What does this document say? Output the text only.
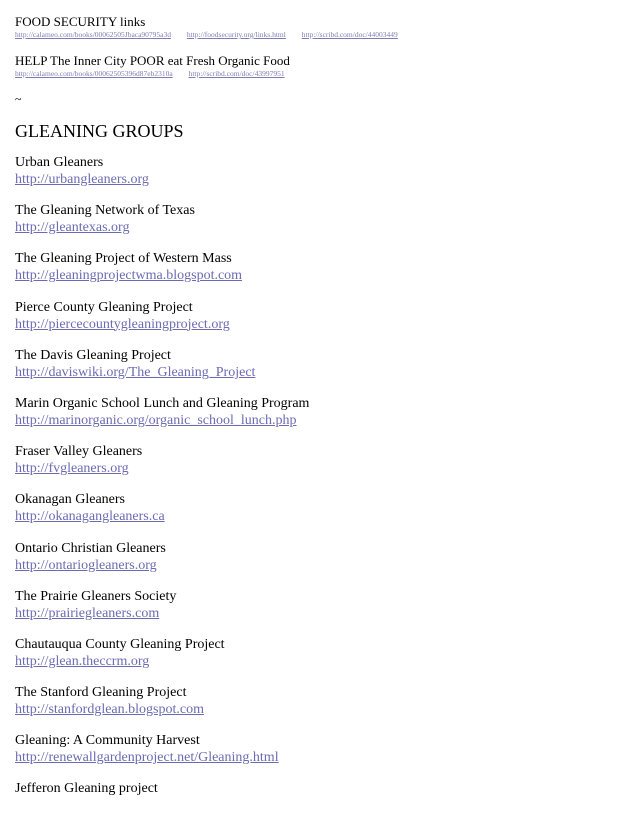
FOOD SECURITY links
http://calameo.com/books/00062505Jbaca90795a3d http://foodsecurity.org/links.html http://scribd.com/doc/44003449
HELP The Inner City POOR eat Fresh Organic Food
http://calameo.com/books/000625053​96d87eb2310a http://scribd.com/doc/43997951
~
GLEANING GROUPS
Urban Gleaners
http://urbangleaners.org
The Gleaning Network of Texas
http://gleantexas.org
The Gleaning Project of Western Mass
http://gleaningprojectwma.blogspot.com
Pierce County Gleaning Project
http://piercecountygleaningproject.org
The Davis Gleaning Project
http://daviswiki.org/The_Gleaning_Project
Marin Organic School Lunch and Gleaning Program
http://marinorganic.org/organic_school_lunch.php
Fraser Valley Gleaners
http://fvgleaners.org
Okanagan Gleaners
http://okanagangleaners.ca
Ontario Christian Gleaners
http://ontariogleaners.org
The Prairie Gleaners Society
http://prairiegleaners.com
Chautauqua County Gleaning Project
http://glean.theccrm.org
The Stanford Gleaning Project
http://stanfordglean.blogspot.com
Gleaning: A Community Harvest
http://renewallgardenproject.net/Gleaning.html
Jefferon Gleaning project
